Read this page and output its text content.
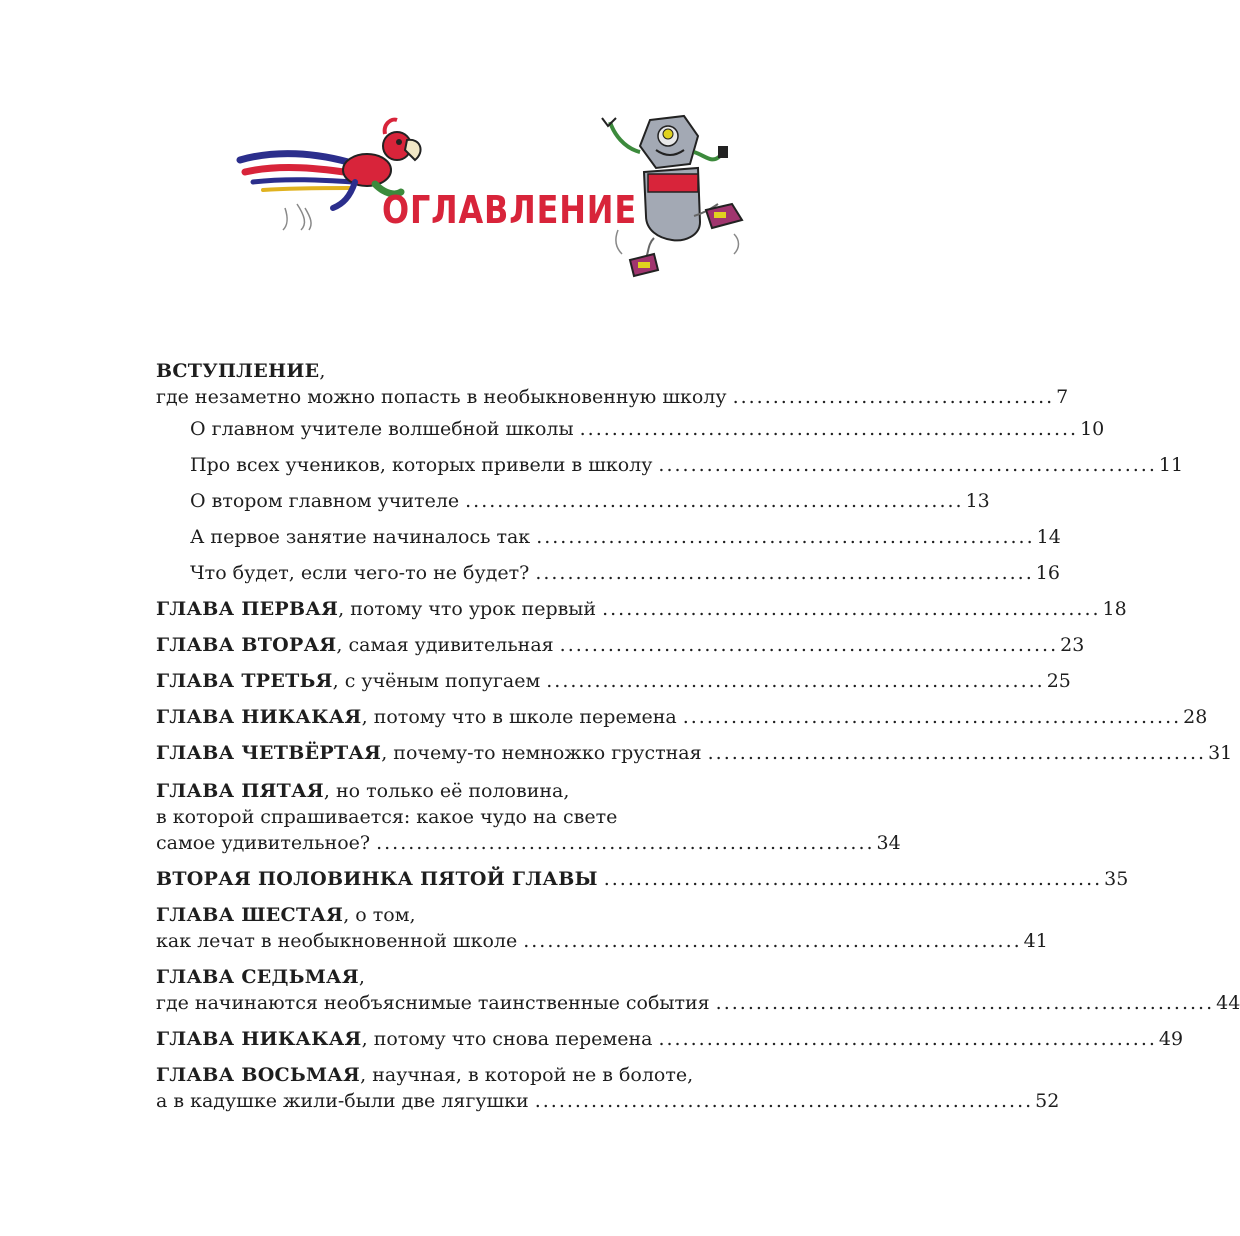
ОГЛАВЛЕНИЕ
ВСТУПЛЕНИЕ ,
где незаметно можно попасть в необыкновенную школу ........................................ 7
О главном учителе волшебной школы .............................................................. 10
Про всех учеников, которых привели в школу .............................................................. 11
О втором главном учителе .............................................................. 13
А первое занятие начиналось так .............................................................. 14
Что будет, если чего-то не будет? .............................................................. 16
ГЛАВА ПЕРВАЯ , потому что урок первый .............................................................. 18
ГЛАВА ВТОРАЯ , самая удивительная .............................................................. 23
ГЛАВА ТРЕТЬЯ , с учёным попугаем .............................................................. 25
ГЛАВА НИКАКАЯ , потому что в школе перемена .............................................................. 28
ГЛАВА ЧЕТВЁРТАЯ , почему-то немножко грустная .............................................................. 31
ГЛАВА ПЯТАЯ , но только её половина,
в которой спрашивается: какое чудо на свете
самое удивительное? .............................................................. 34
ВТОРАЯ ПОЛОВИНКА ПЯТОЙ ГЛАВЫ .............................................................. 35
ГЛАВА ШЕСТАЯ , о том,
как лечат в необыкновенной школе .............................................................. 41
ГЛАВА СЕДЬМАЯ ,
где начинаются необъяснимые таинственные события .............................................................. 44
ГЛАВА НИКАКАЯ , потому что снова перемена .............................................................. 49
ГЛАВА ВОСЬМАЯ , научная, в которой не в болоте,
а в кадушке жили-были две лягушки .............................................................. 52
